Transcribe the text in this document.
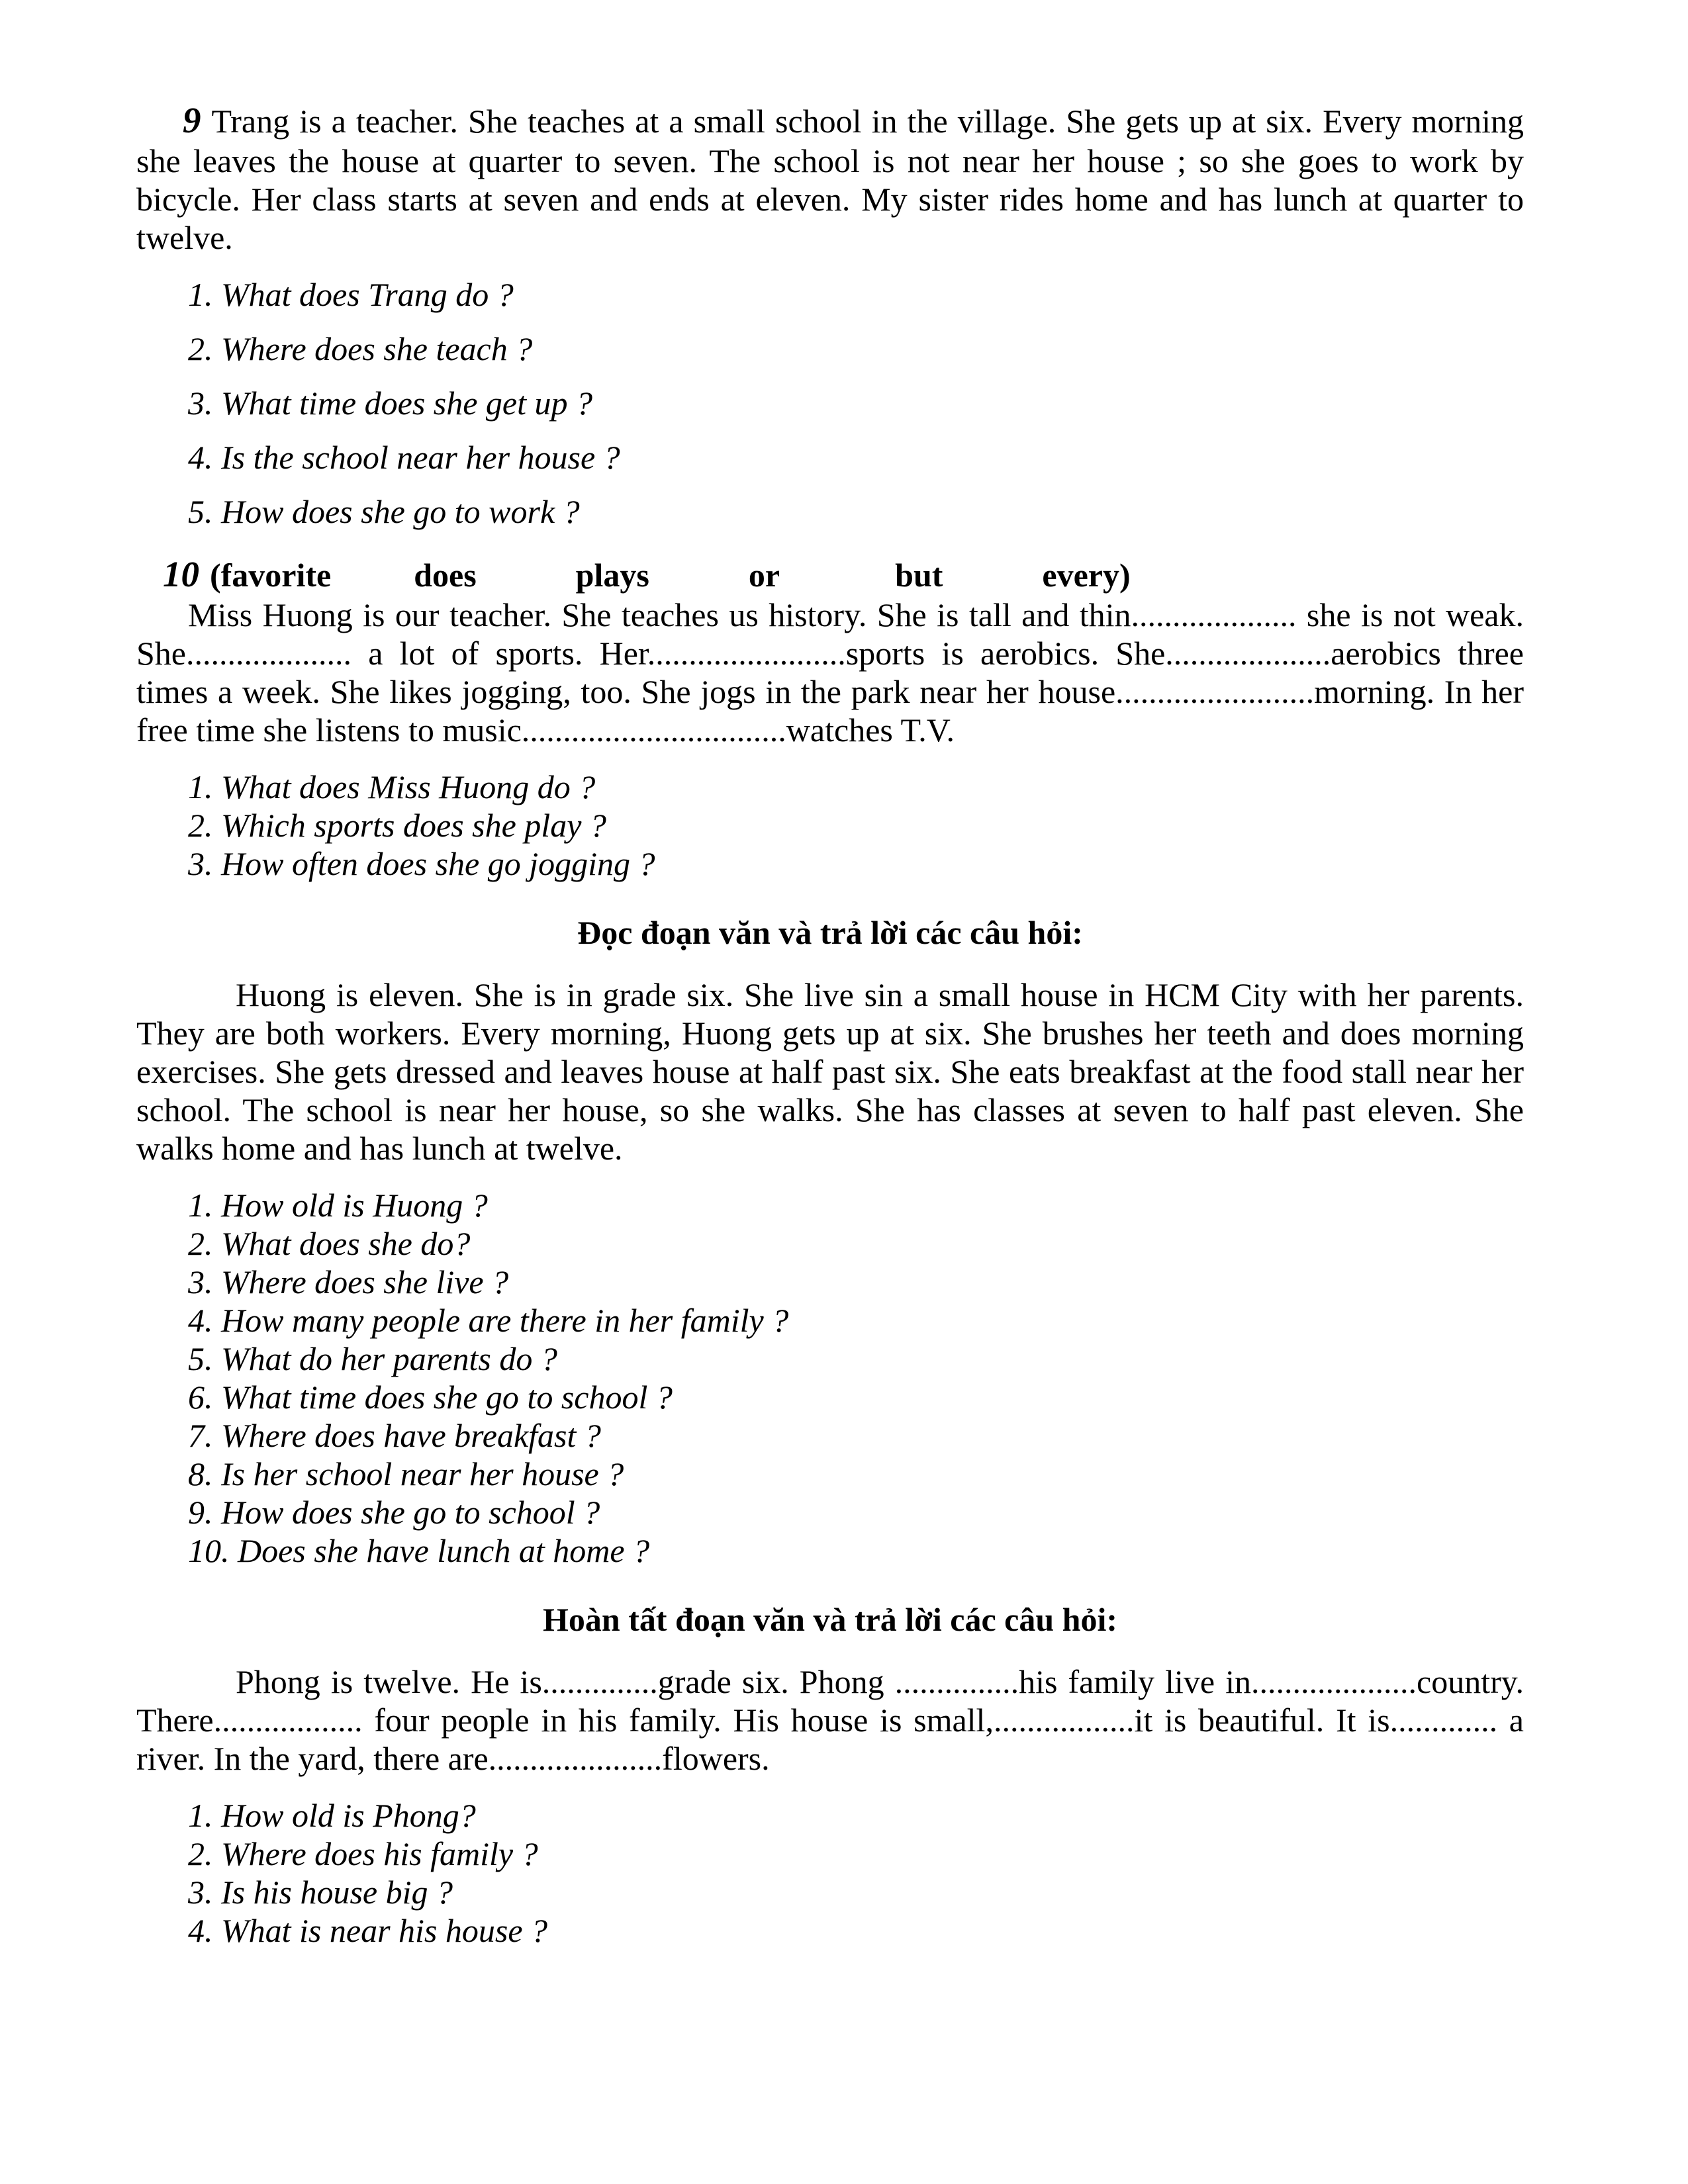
9 Trang is a teacher. She teaches at a small school in the village. She gets up at six. Every morning she leaves the house at quarter to seven. The school is not near her house ; so she goes to work by bicycle. Her class starts at seven and ends at eleven. My sister rides home and has lunch at quarter to twelve.

1. What does Trang do ?
2. Where does she teach ?
3. What time does she get up ?
4. Is the school near her house ?
5. How does she go to work ?

10 (favorite          does            plays            or              but            every)

Miss Huong is our teacher. She teaches us history. She is tall and thin.................... she is not weak. She.................... a lot of sports. Her........................sports is aerobics. She....................aerobics three times a week. She likes jogging, too. She jogs in the park near her house........................morning. In her free time she listens to music................................watches T.V.

1. What does Miss Huong do ?
2. Which sports does she play ?
3. How often does she go jogging ?
Đọc đoạn văn và trả lời các câu hỏi:

Huong is eleven. She is in grade six. She live sin a small house in HCM City with her parents. They are both workers. Every morning, Huong gets up at six. She brushes her teeth and does morning exercises. She gets dressed and leaves house at half past six. She eats breakfast at the food stall near her school. The school is near her house, so she walks. She has classes at seven to half past eleven. She walks home and has lunch at twelve.

1. How old is Huong ?
2. What does she do?
3. Where does she live ?
4. How many people are there in her family ?
5. What do her parents do ?
6. What time does she go to school ?
7. Where does have breakfast ?
8. Is her school near her house ?
9. How does she go to school ?
10. Does she have lunch at home ?
Hoàn tất đoạn văn và trả lời các câu hỏi:

Phong is twelve. He is..............grade six. Phong ...............his family live in....................country. There.................. four people in his family. His house is small,.................it is beautiful. It is............. a river. In the yard, there are.....................flowers.

1. How old is Phong?
2. Where does his family ?
3. Is his house big ?
4. What is near his house ?
